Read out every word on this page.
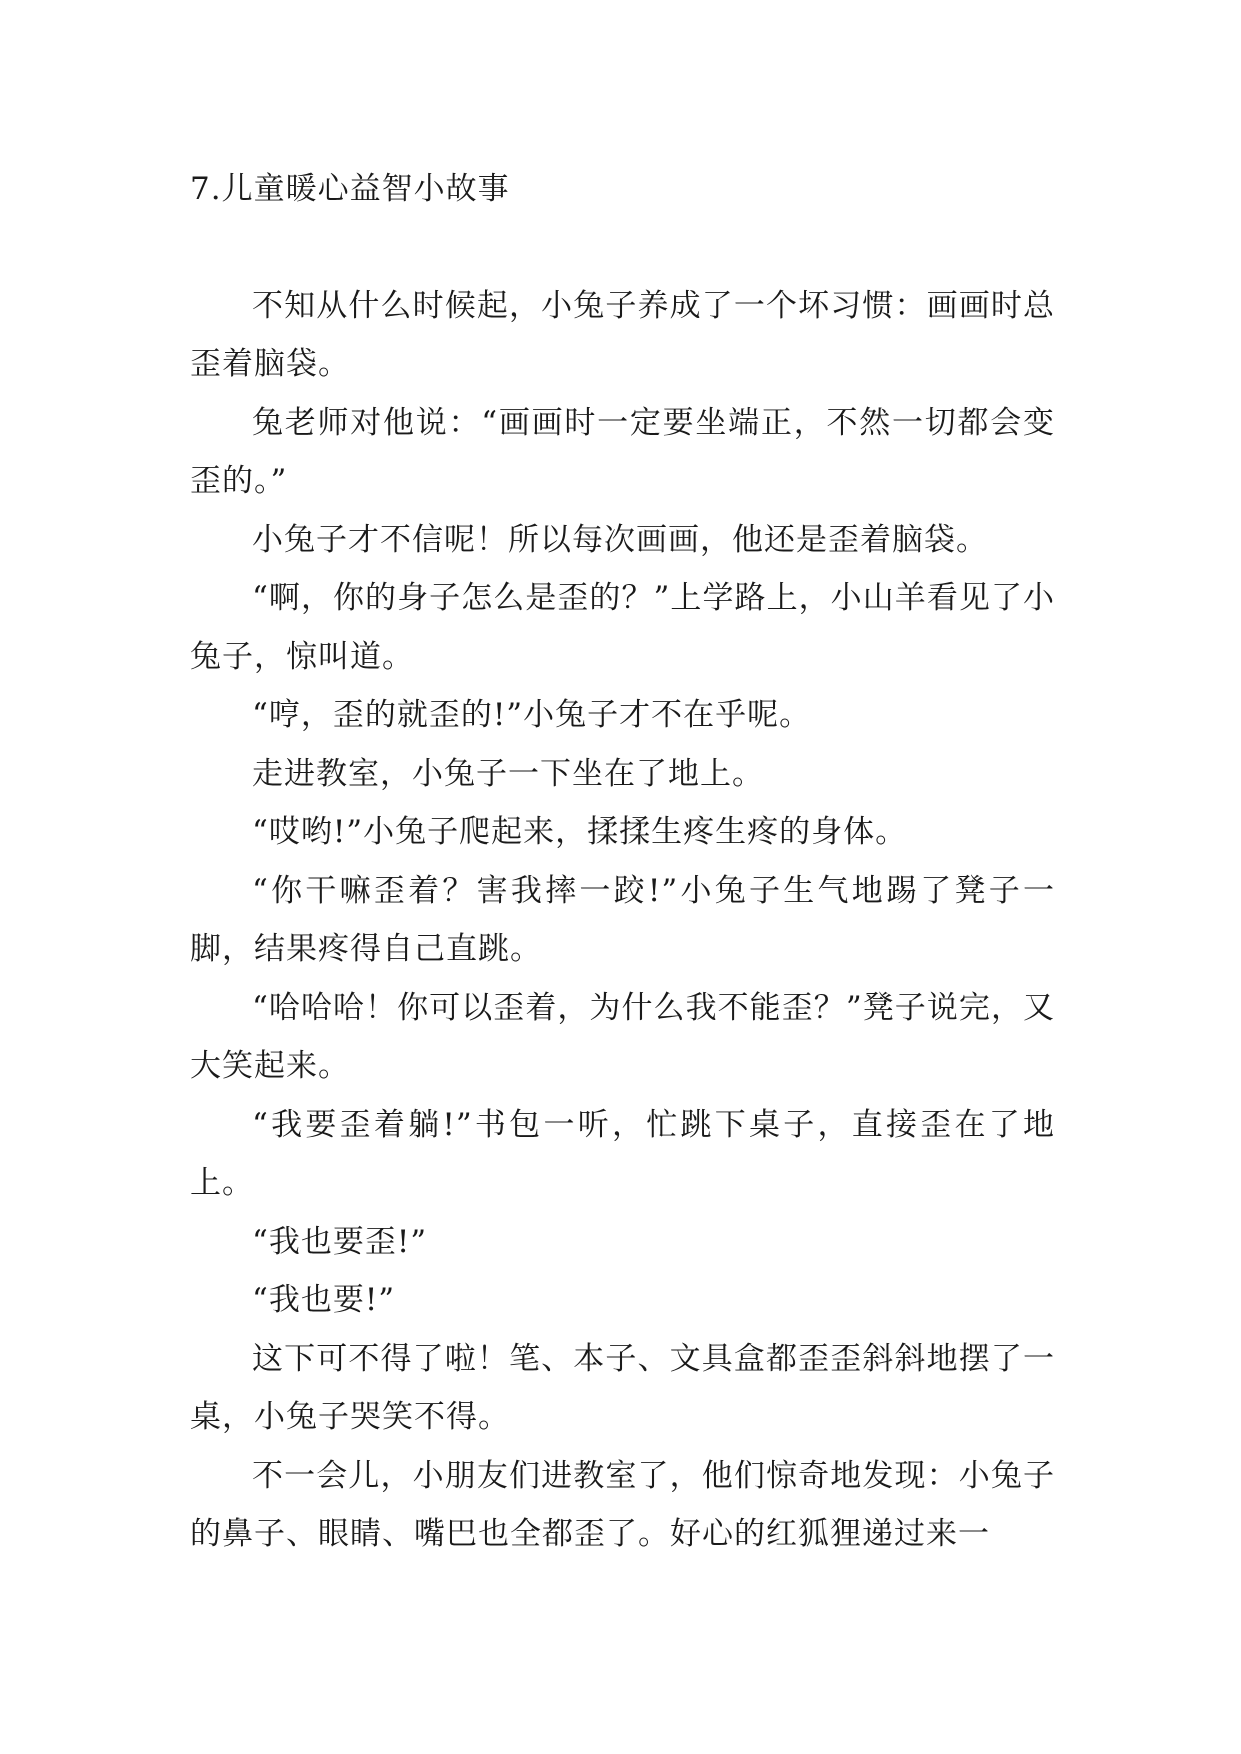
7.儿童暖心益智小故事

不知从什么时候起，小兔子养成了一个坏习惯：画画时总歪着脑袋。

兔老师对他说：“画画时一定要坐端正，不然一切都会变歪的。”

小兔子才不信呢！所以每次画画，他还是歪着脑袋。

“啊，你的身子怎么是歪的？”上学路上，小山羊看见了小兔子，惊叫道。

“哼，歪的就歪的!”小兔子才不在乎呢。

走进教室，小兔子一下坐在了地上。

“哎哟!”小兔子爬起来，揉揉生疼生疼的身体。

“你干嘛歪着？害我摔一跤!”小兔子生气地踢了凳子一脚，结果疼得自己直跳。

“哈哈哈！你可以歪着，为什么我不能歪？”凳子说完，又大笑起来。

“我要歪着躺!”书包一听，忙跳下桌子，直接歪在了地上。

“我也要歪!”

“我也要!”

这下可不得了啦！笔、本子、文具盒都歪歪斜斜地摆了一桌，小兔子哭笑不得。

不一会儿，小朋友们进教室了，他们惊奇地发现：小兔子的鼻子、眼睛、嘴巴也全都歪了。好心的红狐狸递过来一
